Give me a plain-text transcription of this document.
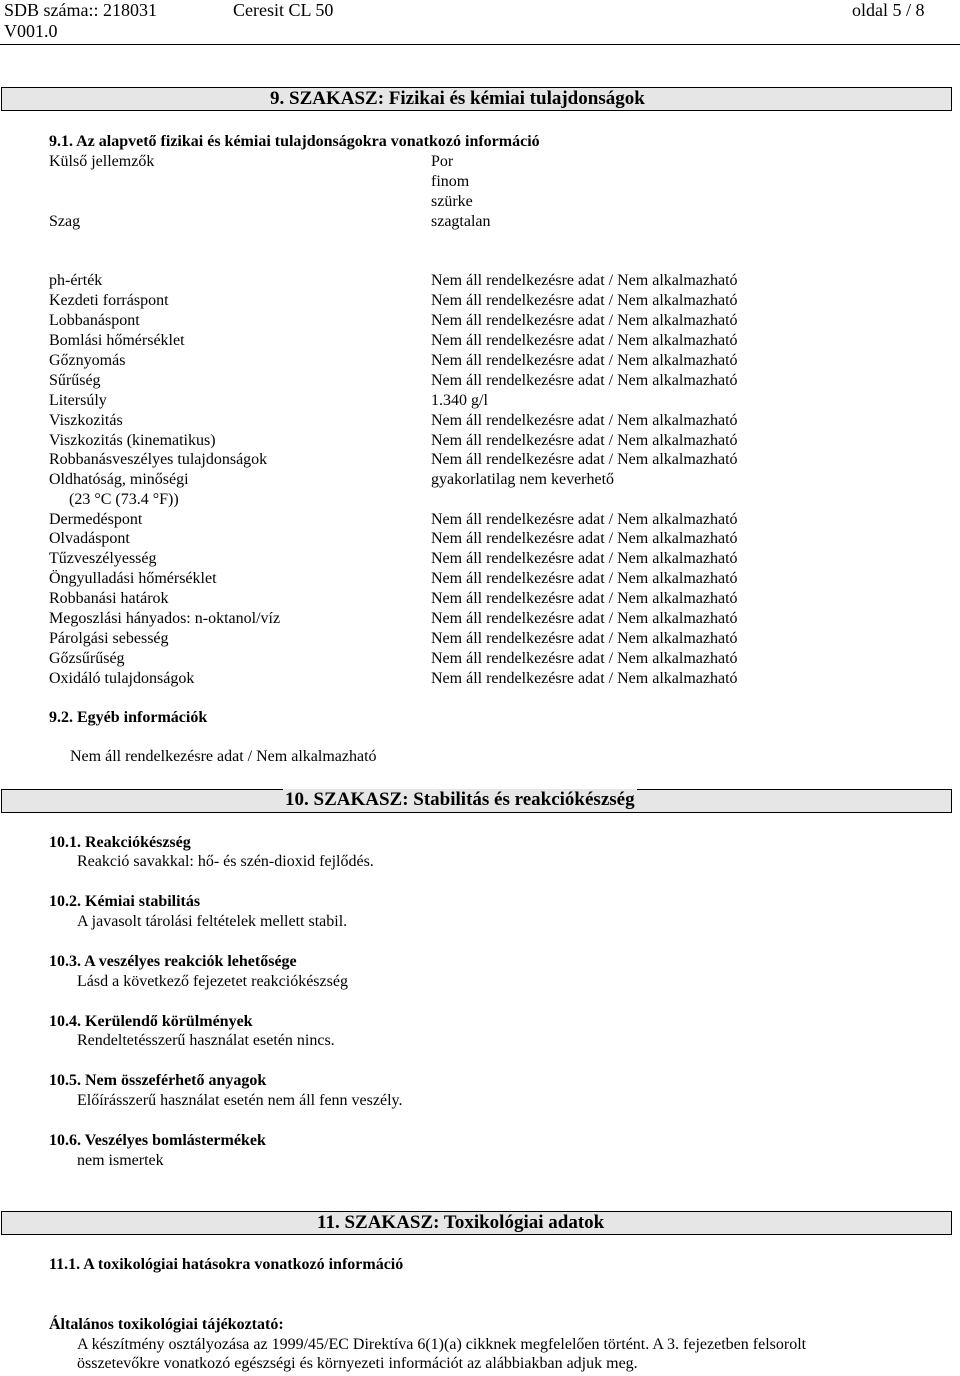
SDB száma:: 218031	Ceresit CL 50	oldal 5 / 8
V001.0
9. SZAKASZ: Fizikai és kémiai tulajdonságok
9.1. Az alapvető fizikai és kémiai tulajdonságokra vonatkozó információ
Külső jellemzők	Por
finom
szürke
Szag	szagtalan
ph-érték	Nem áll rendelkezésre adat / Nem alkalmazható
Kezdeti forráspont	Nem áll rendelkezésre adat / Nem alkalmazható
Lobbanáspont	Nem áll rendelkezésre adat / Nem alkalmazható
Bomlási hőmérséklet	Nem áll rendelkezésre adat / Nem alkalmazható
Gőznyomás	Nem áll rendelkezésre adat / Nem alkalmazható
Sűrűség	Nem áll rendelkezésre adat / Nem alkalmazható
Litersúly	1.340 g/l
Viszkozitás	Nem áll rendelkezésre adat / Nem alkalmazható
Viszkozitás (kinematikus)	Nem áll rendelkezésre adat / Nem alkalmazható
Robbanásveszélyes tulajdonságok	Nem áll rendelkezésre adat / Nem alkalmazható
Oldhatóság, minőségi	gyakorlatilag nem keverhető
(23 °C (73.4 °F))
Dermedéspont	Nem áll rendelkezésre adat / Nem alkalmazható
Olvadáspont	Nem áll rendelkezésre adat / Nem alkalmazható
Tűzveszélyesség	Nem áll rendelkezésre adat / Nem alkalmazható
Öngyulladási hőmérséklet	Nem áll rendelkezésre adat / Nem alkalmazható
Robbanási határok	Nem áll rendelkezésre adat / Nem alkalmazható
Megoszlási hányados: n-oktanol/víz	Nem áll rendelkezésre adat / Nem alkalmazható
Párolgási sebesség	Nem áll rendelkezésre adat / Nem alkalmazható
Gőzsűrűség	Nem áll rendelkezésre adat / Nem alkalmazható
Oxidáló tulajdonságok	Nem áll rendelkezésre adat / Nem alkalmazható
9.2. Egyéb információk
Nem áll rendelkezésre adat / Nem alkalmazható
10. SZAKASZ: Stabilitás és reakciókészség
10.1. Reakciókészség
Reakció savakkal: hő- és szén-dioxid fejlődés.
10.2. Kémiai stabilitás
A javasolt tárolási feltételek mellett stabil.
10.3. A veszélyes reakciók lehetősége
Lásd a következő fejezetet reakciókészség
10.4. Kerülendő körülmények
Rendeltetésszerű használat esetén nincs.
10.5. Nem összeférhető anyagok
Előírásszerű használat esetén nem áll fenn veszély.
10.6. Veszélyes bomlástermékek
nem ismertek
11. SZAKASZ: Toxikológiai adatok
11.1. A toxikológiai hatásokra vonatkozó információ
Általános toxikológiai tájékoztató:
A készítmény osztályozása az 1999/45/EC Direktíva 6(1)(a) cikknek megfelelően történt. A 3. fejezetben felsorolt
összetevőkre vonatkozó egészségi és környezeti információt az alábbiakban adjuk meg.
